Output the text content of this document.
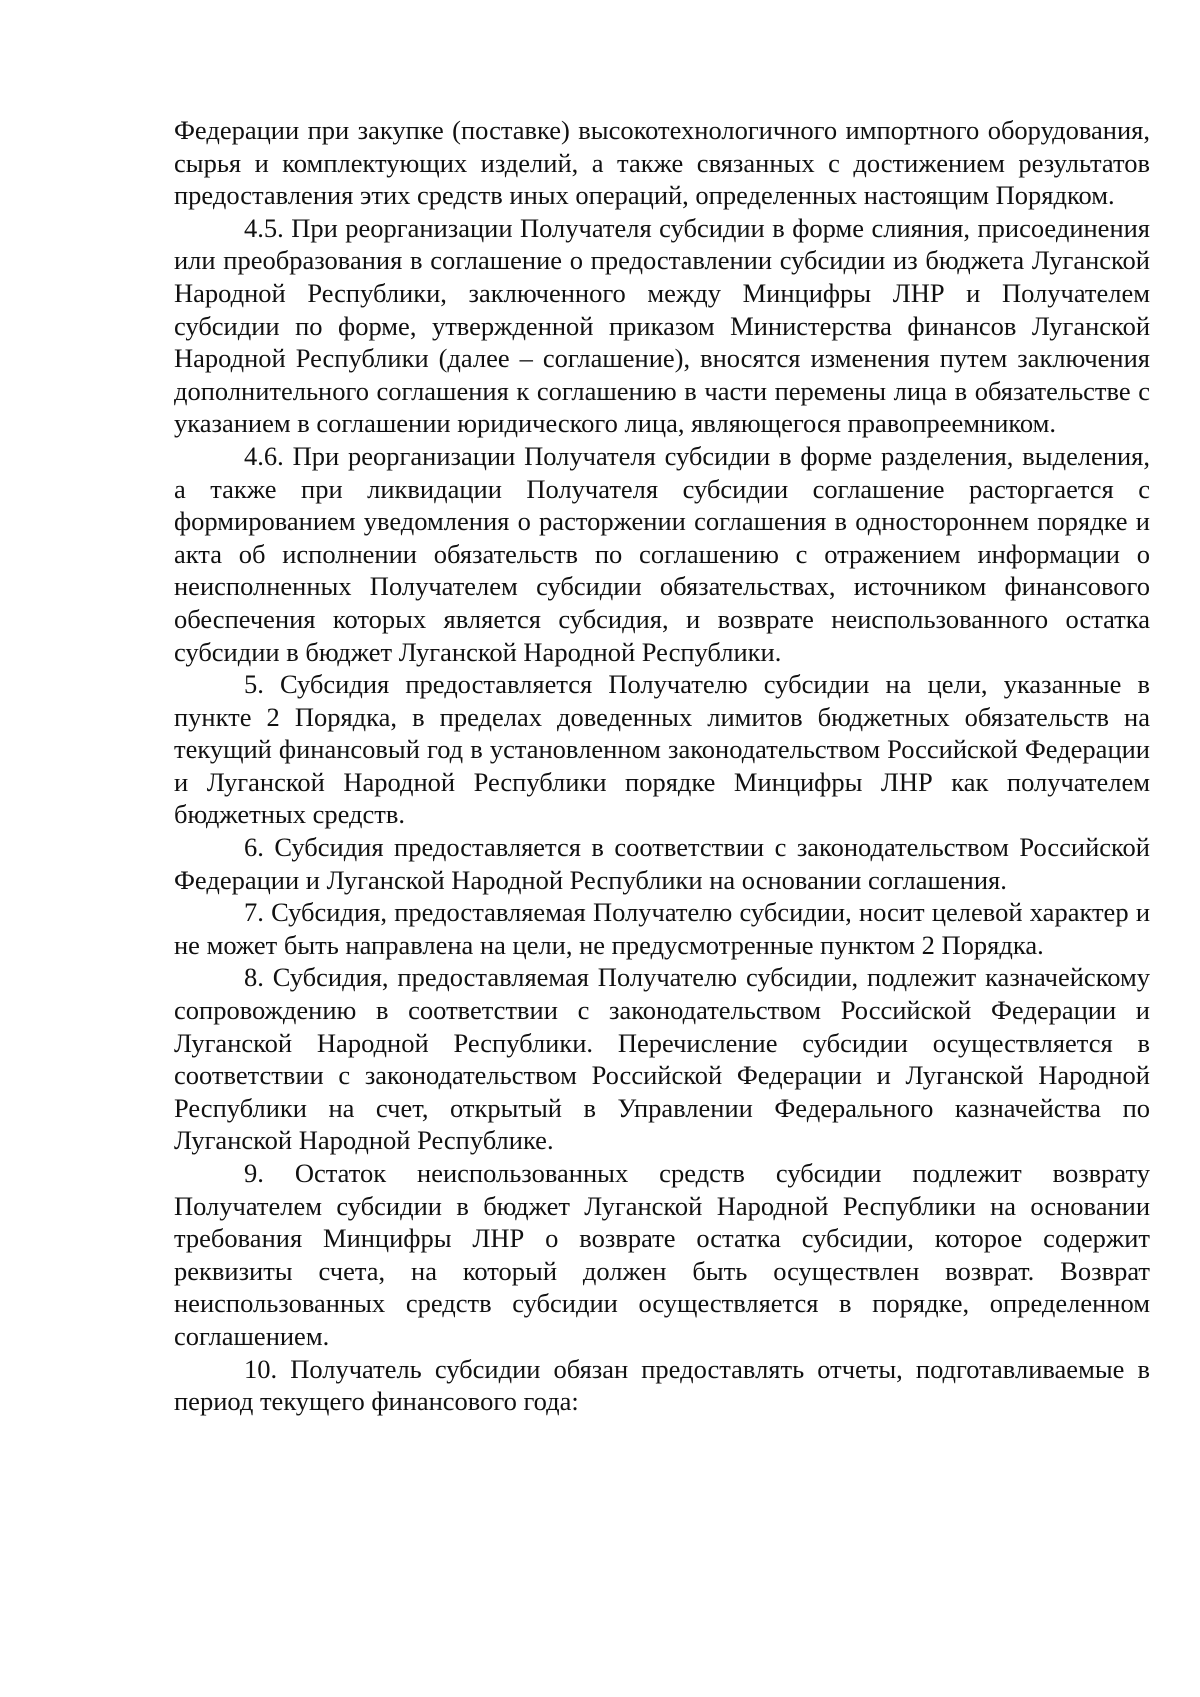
Федерации при закупке (поставке) высокотехнологичного импортного оборудования, сырья и комплектующих изделий, а также связанных с достижением результатов предоставления этих средств иных операций, определенных настоящим Порядком.

4.5. При реорганизации Получателя субсидии в форме слияния, присоединения или преобразования в соглашение о предоставлении субсидии из бюджета Луганской Народной Республики, заключенного между Минцифры ЛНР и Получателем субсидии по форме, утвержденной приказом Министерства финансов Луганской Народной Республики (далее – соглашение), вносятся изменения путем заключения дополнительного соглашения к соглашению в части перемены лица в обязательстве с указанием в соглашении юридического лица, являющегося правопреемником.

4.6. При реорганизации Получателя субсидии в форме разделения, выделения, а также при ликвидации Получателя субсидии соглашение расторгается с формированием уведомления о расторжении соглашения в одностороннем порядке и акта об исполнении обязательств по соглашению с отражением информации о неисполненных Получателем субсидии обязательствах, источником финансового обеспечения которых является субсидия, и возврате неиспользованного остатка субсидии в бюджет Луганской Народной Республики.

5. Субсидия предоставляется Получателю субсидии на цели, указанные в пункте 2 Порядка, в пределах доведенных лимитов бюджетных обязательств на текущий финансовый год в установленном законодательством Российской Федерации и Луганской Народной Республики порядке Минцифры ЛНР как получателем бюджетных средств.

6. Субсидия предоставляется в соответствии с законодательством Российской Федерации и Луганской Народной Республики на основании соглашения.

7. Субсидия, предоставляемая Получателю субсидии, носит целевой характер и не может быть направлена на цели, не предусмотренные пунктом 2 Порядка.

8. Субсидия, предоставляемая Получателю субсидии, подлежит казначейскому сопровождению в соответствии с законодательством Российской Федерации и Луганской Народной Республики. Перечисление субсидии осуществляется в соответствии с законодательством Российской Федерации и Луганской Народной Республики на счет, открытый в Управлении Федерального казначейства по Луганской Народной Республике.

9. Остаток неиспользованных средств субсидии подлежит возврату Получателем субсидии в бюджет Луганской Народной Республики на основании требования Минцифры ЛНР о возврате остатка субсидии, которое содержит реквизиты счета, на который должен быть осуществлен возврат. Возврат неиспользованных средств субсидии осуществляется в порядке, определенном соглашением.

10. Получатель субсидии обязан предоставлять отчеты, подготавливаемые в период текущего финансового года:
